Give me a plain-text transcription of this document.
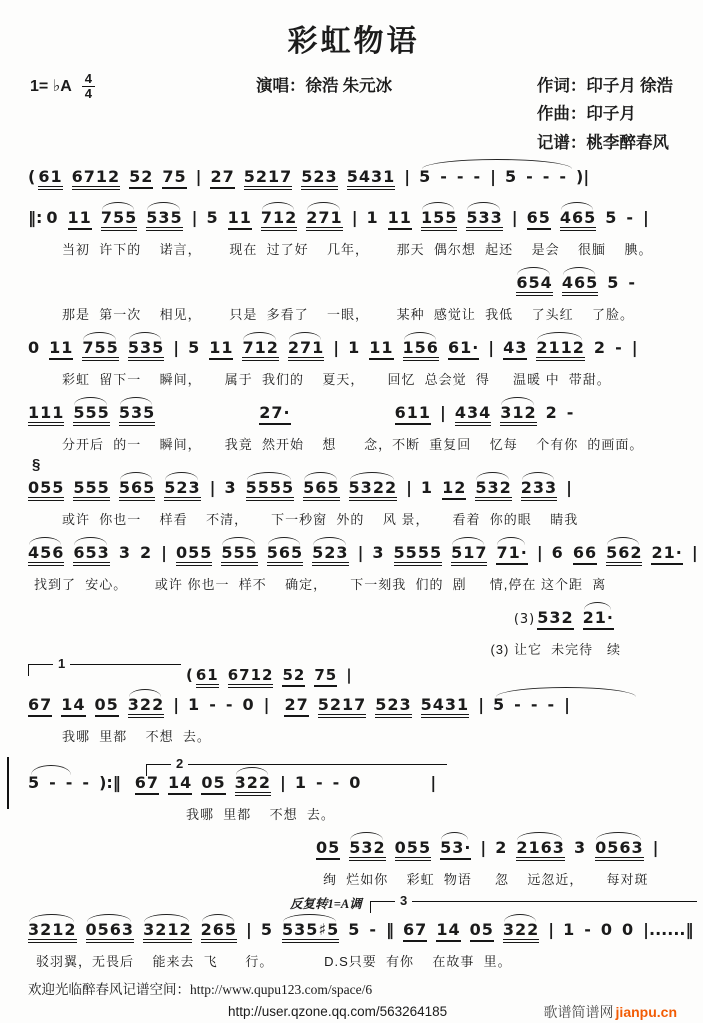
彩虹物语
1= ♭A 4
4	演唱：徐浩 朱元冰	作词：印子月 徐浩
作曲：印子月
记谱：桃李醉春风
( 61 6712 52 75 | 27 5217 523 5431 | 5 - - - | 5 - - - )|
‖: 0 11 755 535 | 5 11 712 271 | 1 11 155 533 | 65 465 5 - |
当初  许下的    诺言，      现在  过了好    几年，      那天  偶尔想  起还    是会    很腼    腆。
654 465 5 -
那是  第一次    相见，      只是  多看了    一眼，      某种  感觉让  我低    了头红    了脸。
0 11 755 535 | 5 11 712 271 | 1 11 156 61· | 43 2112 2 - |
彩虹  留下一    瞬间，     属于  我们的    夏天，     回忆  总会觉  得     温暖 中  带甜。
111 555 535	27·	611 | 434 312 2 -
分开后  的一    瞬间，     我竟  然开始    想      念，不断  重复回    忆每    个有你  的画面。
§
055 555 565 523 | 3 5555 565 5322 | 1 12 532 233 |
或许  你也一    样看    不清，     下一秒窗  外的    风 景，     看着  你的眼    睛我
456 653 3 2 | 055 555 565 523 | 3 5555 517 71· | 6 66 562 21· |
找到了  安心。      或许 你也一  样不    确定，     下一刻我  们的  剧     情,停在 这个距  离
(3) 532 21·
(3) 让它  未完待   续
1
( 61 6712 52 75 |
67 14 05 322 | 1 - - 0 | 27 5217 523 5431 | 5 - - - |
我哪  里都    不想  去。
2
5 - - - ):‖ 67 14 05 322 | 1 - - 0	|
我哪  里都    不想  去。
05 532 055 53· | 2 2163 3 0563 |
绚  烂如你    彩虹  物语     忽    远忽近，     每对斑
反复转1=A调	3
3212 0563 3212 265 | 5 535♯5 5 - ‖ 67 14 05 322 | 1 - 0 0 |......‖
驳羽翼，无畏后    能来去  飞      行。           D.S只要  有你    在故事  里。
欢迎光临醉春风记谱空间：http://www.qupu123.com/space/6
http://user.qzone.qq.com/563264185	歌谱简谱网 jianpu.cn
